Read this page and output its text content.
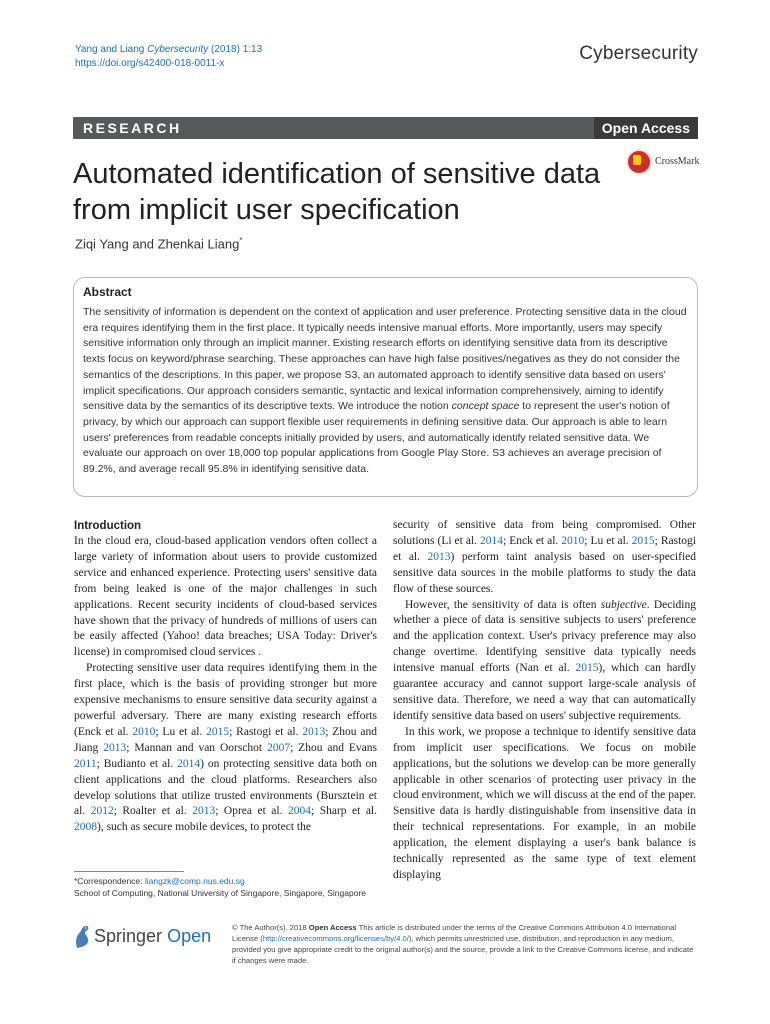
Yang and Liang Cybersecurity (2018) 1:13
https://doi.org/s42400-018-0011-x	Cybersecurity
RESEARCH	Open Access
Automated identification of sensitive data from implicit user specification
CrossMark
Ziqi Yang and Zhenkai Liang*
Abstract

The sensitivity of information is dependent on the context of application and user preference. Protecting sensitive data in the cloud era requires identifying them in the first place. It typically needs intensive manual efforts. More importantly, users may specify sensitive information only through an implicit manner. Existing research efforts on identifying sensitive data from its descriptive texts focus on keyword/phrase searching. These approaches can have high false positives/negatives as they do not consider the semantics of the descriptions. In this paper, we propose S3, an automated approach to identify sensitive data based on users' implicit specifications. Our approach considers semantic, syntactic and lexical information comprehensively, aiming to identify sensitive data by the semantics of its descriptive texts. We introduce the notion concept space to represent the user's notion of privacy, by which our approach can support flexible user requirements in defining sensitive data. Our approach is able to learn users' preferences from readable concepts initially provided by users, and automatically identify related sensitive data. We evaluate our approach on over 18,000 top popular applications from Google Play Store. S3 achieves an average precision of 89.2%, and average recall 95.8% in identifying sensitive data.

Introduction

In the cloud era, cloud-based application vendors often collect a large variety of information about users to provide customized service and enhanced experience. Protecting users' sensitive data from being leaked is one of the major challenges in such applications. Recent security incidents of cloud-based services have shown that the privacy of hundreds of millions of users can be easily affected (Yahoo! data breaches; USA Today: Driver's license) in compromised cloud services .

Protecting sensitive user data requires identifying them in the first place, which is the basis of providing stronger but more expensive mechanisms to ensure sensitive data security against a powerful adversary. There are many existing research efforts (Enck et al. 2010; Lu et al. 2015; Rastogi et al. 2013; Zhou and Jiang 2013; Mannan and van Oorschot 2007; Zhou and Evans 2011; Budianto et al. 2014) on protecting sensitive data both on client applications and the cloud platforms. Researchers also develop solutions that utilize trusted environments (Bursztein et al. 2012; Roalter et al. 2013; Oprea et al. 2004; Sharp et al. 2008), such as secure mobile devices, to protect the

security of sensitive data from being compromised. Other solutions (Li et al. 2014; Enck et al. 2010; Lu et al. 2015; Rastogi et al. 2013) perform taint analysis based on user-specified sensitive data sources in the mobile platforms to study the data flow of these sources.

However, the sensitivity of data is often subjective. Deciding whether a piece of data is sensitive subjects to users' preference and the application context. User's privacy preference may also change overtime. Identifying sensitive data typically needs intensive manual efforts (Nan et al. 2015), which can hardly guarantee accuracy and cannot support large-scale analysis of sensitive data. Therefore, we need a way that can automatically identify sensitive data based on users' subjective requirements.

In this work, we propose a technique to identify sensitive data from implicit user specifications. We focus on mobile applications, but the solutions we develop can be more generally applicable in other scenarios of protecting user privacy in the cloud environment, which we will discuss at the end of the paper. Sensitive data is hardly distinguishable from insensitive data in their technical representations. For example, in an mobile application, the element displaying a user's bank balance is technically represented as the same type of text element displaying

*Correspondence: liangzk@comp.nus.edu.sg
School of Computing, National University of Singapore, Singapore, Singapore
Springer Open	© The Author(s). 2018 Open Access This article is distributed under the terms of the Creative Commons Attribution 4.0 International License (http://creativecommons.org/licenses/by/4.0/), which permits unrestricted use, distribution, and reproduction in any medium, provided you give appropriate credit to the original author(s) and the source, provide a link to the Creative Commons license, and indicate if changes were made.
